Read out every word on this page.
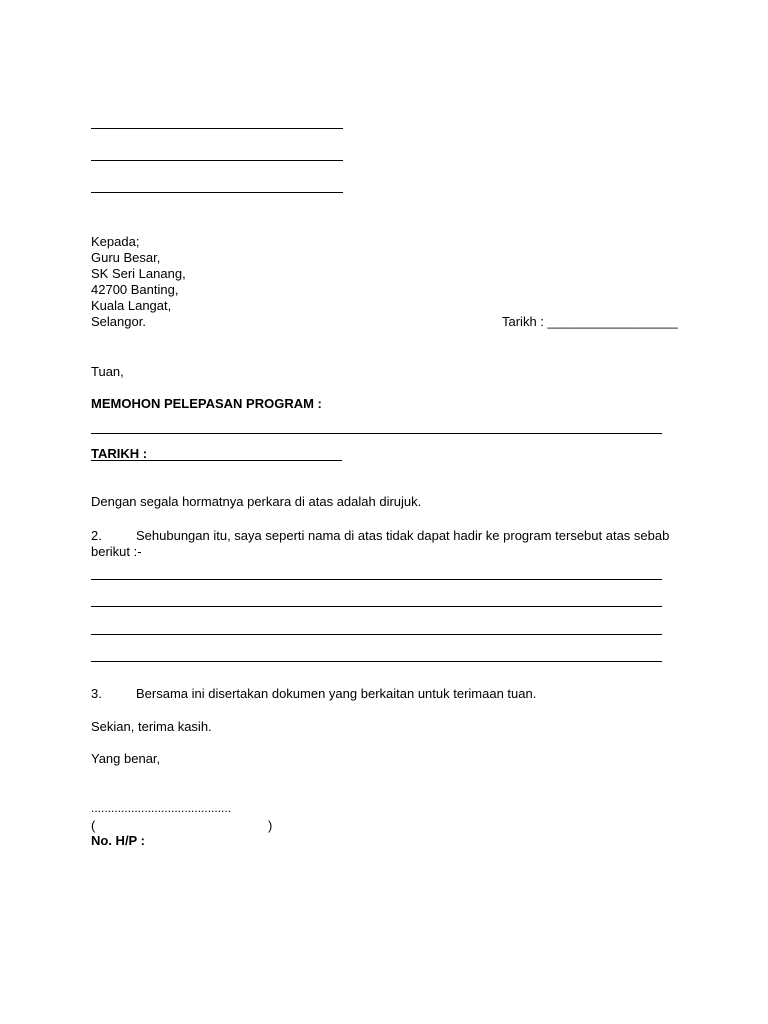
Kepada;
Guru Besar,
SK Seri Lanang,
42700 Banting,
Kuala Langat,
Selangor.	Tarikh : __________________
Tuan,
MEMOHON PELEPASAN PROGRAM :
TARIKH :
Dengan segala hormatnya perkara di atas adalah dirujuk.
2.	Sehubungan itu, saya seperti nama di atas tidak dapat hadir ke program tersebut atas sebab
berikut :-
3.	Bersama ini disertakan dokumen yang berkaitan untuk terimaan tuan.
Sekian, terima kasih.
Yang benar,
..........................................
(	)
No. H/P :
